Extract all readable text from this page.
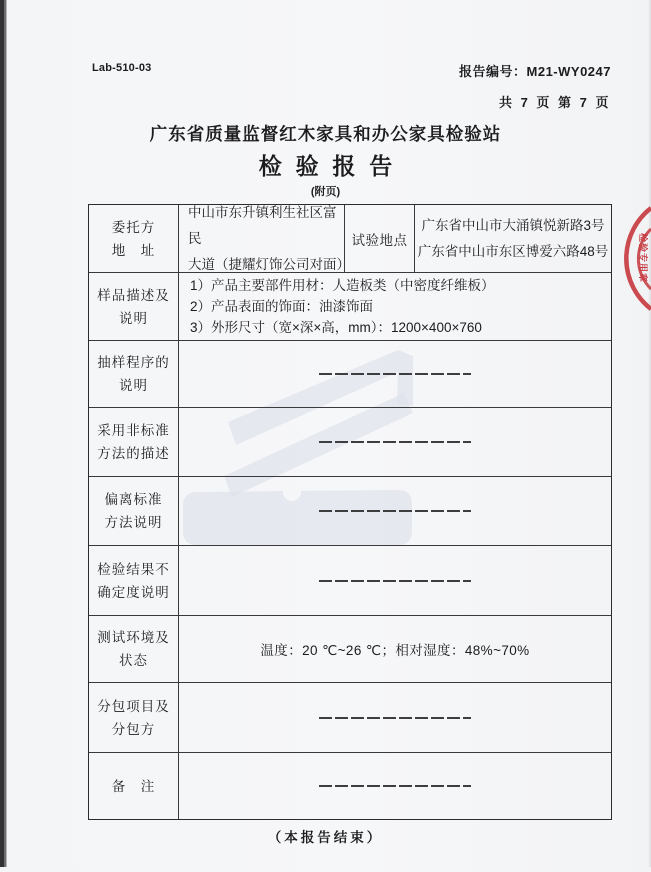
Lab-510-03	报告编号：M21-WY0247
共 7 页 第 7 页
广东省质量监督红木家具和办公家具检验站
检验报告
(附页)
委托方
地　址
中山市东升镇利生社区富民
大道（捷耀灯饰公司对面）
试验地点
广东省中山市大涌镇悦新路3号
广东省中山市东区博爱六路48号
样品描述及
说明
1）产品主要部件用材：人造板类（中密度纤维板）
2）产品表面的饰面：油漆饰面
3）外形尺寸（宽×深×高，mm）：1200×400×760
抽样程序的
说明
采用非标准
方法的描述
偏离标准
方法说明
检验结果不
确定度说明
测试环境及
状态
温度：20 ℃~26 ℃；相对湿度：48%~70%
分包项目及
分包方
备　注
（本报告结束）
检验专用章
